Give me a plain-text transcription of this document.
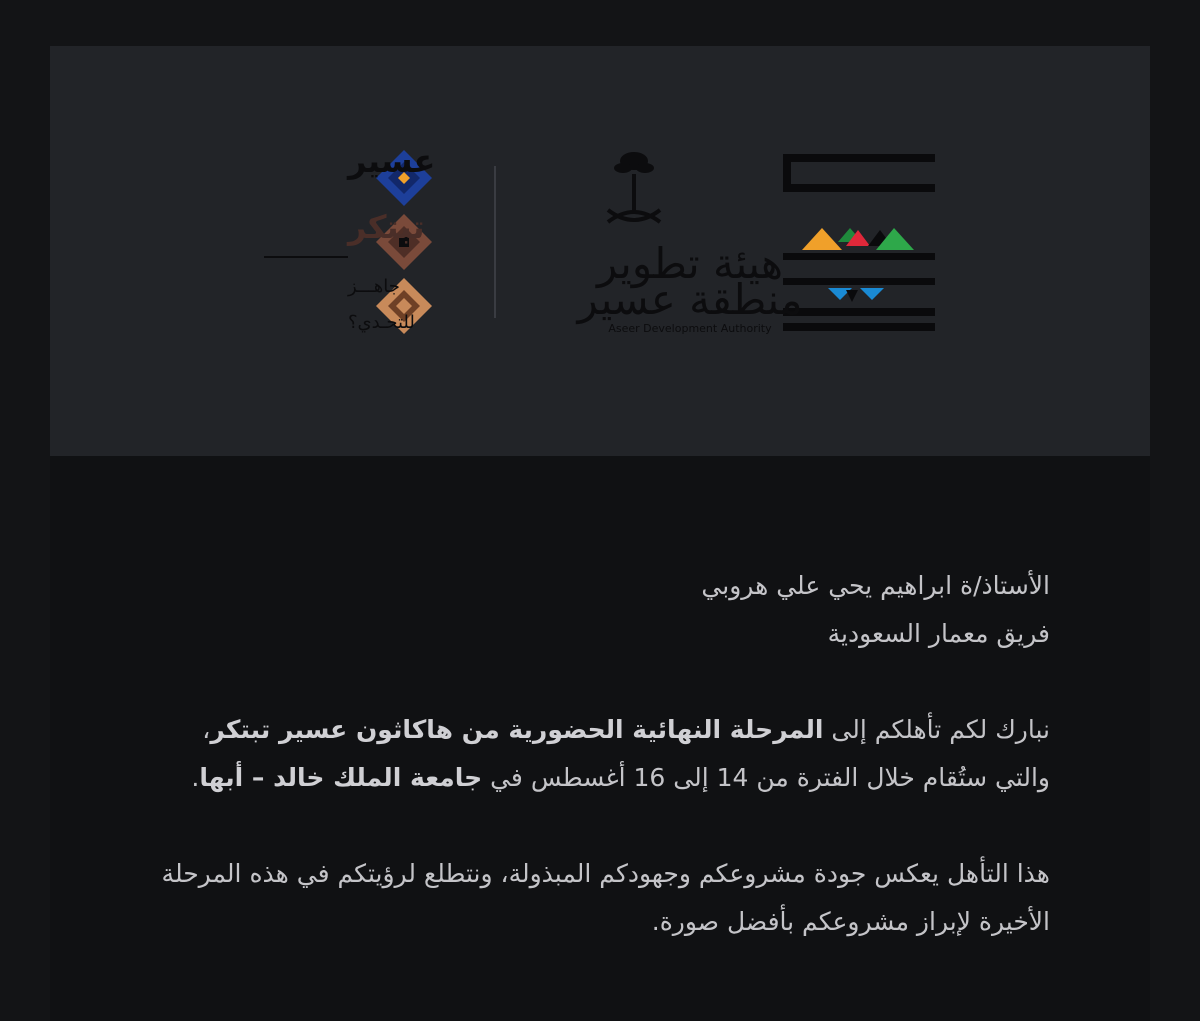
هيئة تطوير
منطقة عسير
Aseer Development Authority
عسير
تبتكر
جاهـــز
للتحـدي؟

الأستاذ/ة ابراهيم يحي علي هروبي

فريق معمار السعودية

نبارك لكم تأهلكم إلى المرحلة النهائية الحضورية من هاكاثون عسير تبتكر، والتي ستُقام خلال الفترة من 14 إلى 16 أغسطس في جامعة الملك خالد – أبها.

هذا التأهل يعكس جودة مشروعكم وجهودكم المبذولة، ونتطلع لرؤيتكم في هذه المرحلة الأخيرة لإبراز مشروعكم بأفضل صورة.
